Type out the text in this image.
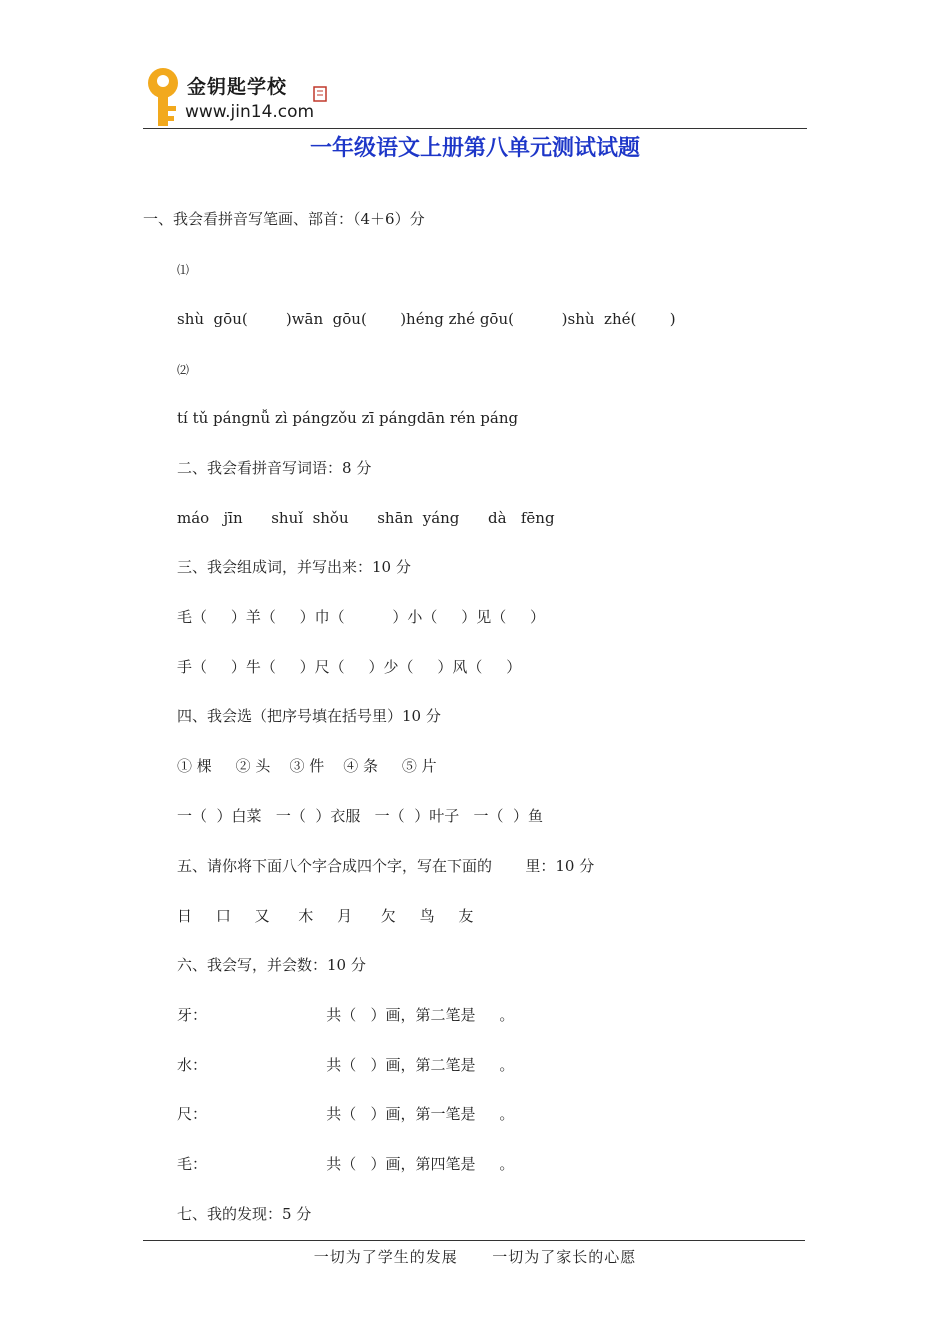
金钥匙学校
www.jin14.com
一年级语文上册第八单元测试试题
一、我会看拼音写笔画、部首：（4＋6）分
⑴
shù  gōu(        )wān  gōu(       )héng zhé gōu(          )shù  zhé(       )
⑵
tí tǔ pángnǚ zì pángzǒu zī pángdān rén páng
二、我会看拼音写词语：8 分
máo   jīn      shuǐ  shǒu      shān  yáng      dà   fēng
三、我会组成词，并写出来：10 分
毛（     ）羊（     ）巾（          ）小（     ）见（     ）
手（     ）牛（     ）尺（     ）少（     ）风（     ）
四、我会选（把序号填在括号里）10 分
① 棵     ② 头    ③ 件    ④ 条     ⑤ 片
一（  ）白菜   一（  ）衣服   一（  ）叶子   一（  ）鱼
五、请你将下面八个字合成四个字，写在下面的       里：10 分
日     口     又      木     月      欠     鸟     友
六、我会写，并会数：10 分
牙：                         共（   ）画，第二笔是     。
水：                         共（   ）画，第二笔是     。
尺：                         共（   ）画，第一笔是     。
毛：                         共（   ）画，第四笔是     。
七、我的发现：5 分
一切为了学生的发展      一切为了家长的心愿
